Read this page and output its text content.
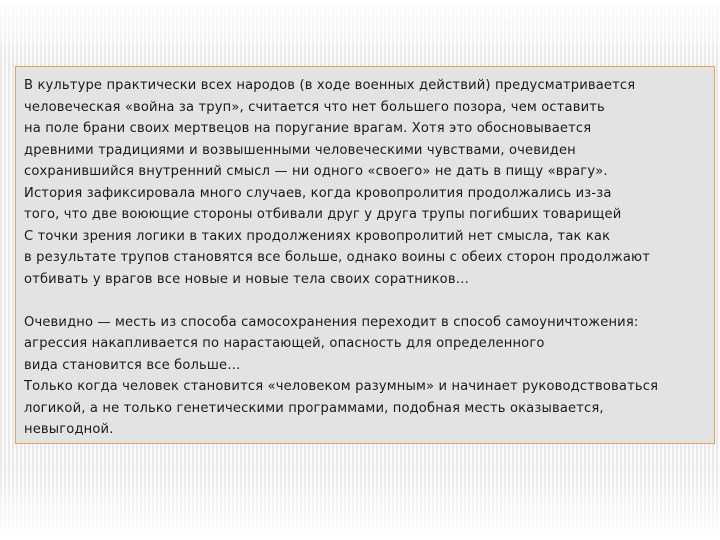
В культуре практически всех народов (в ходе военных действий) предусматривается
человеческая «война за труп», считается что нет большего позора, чем оставить
на поле брани своих мертвецов на поругание врагам. Хотя это обосновывается
древними традициями и возвышенными человеческими чувствами, очевиден
сохранившийся внутренний смысл — ни одного «своего» не дать в пищу «врагу».
История зафиксировала много случаев, когда кровопролития продолжались из-за
того, что две воюющие стороны отбивали друг у друга трупы погибших товарищей
С точки зрения логики в таких продолжениях кровопролитий нет смысла, так как
в результате трупов становятся все больше, однако воины с обеих сторон продолжают
отбивать у врагов все новые и новые тела своих соратников…
Очевидно — месть из способа самосохранения переходит в способ самоуничтожения:
агрессия накапливается по нарастающей, опасность для определенного
вида становится все больше…
Только когда человек становится «человеком разумным» и начинает руководствоваться
логикой, а не только генетическими программами, подобная месть оказывается,
невыгодной.
